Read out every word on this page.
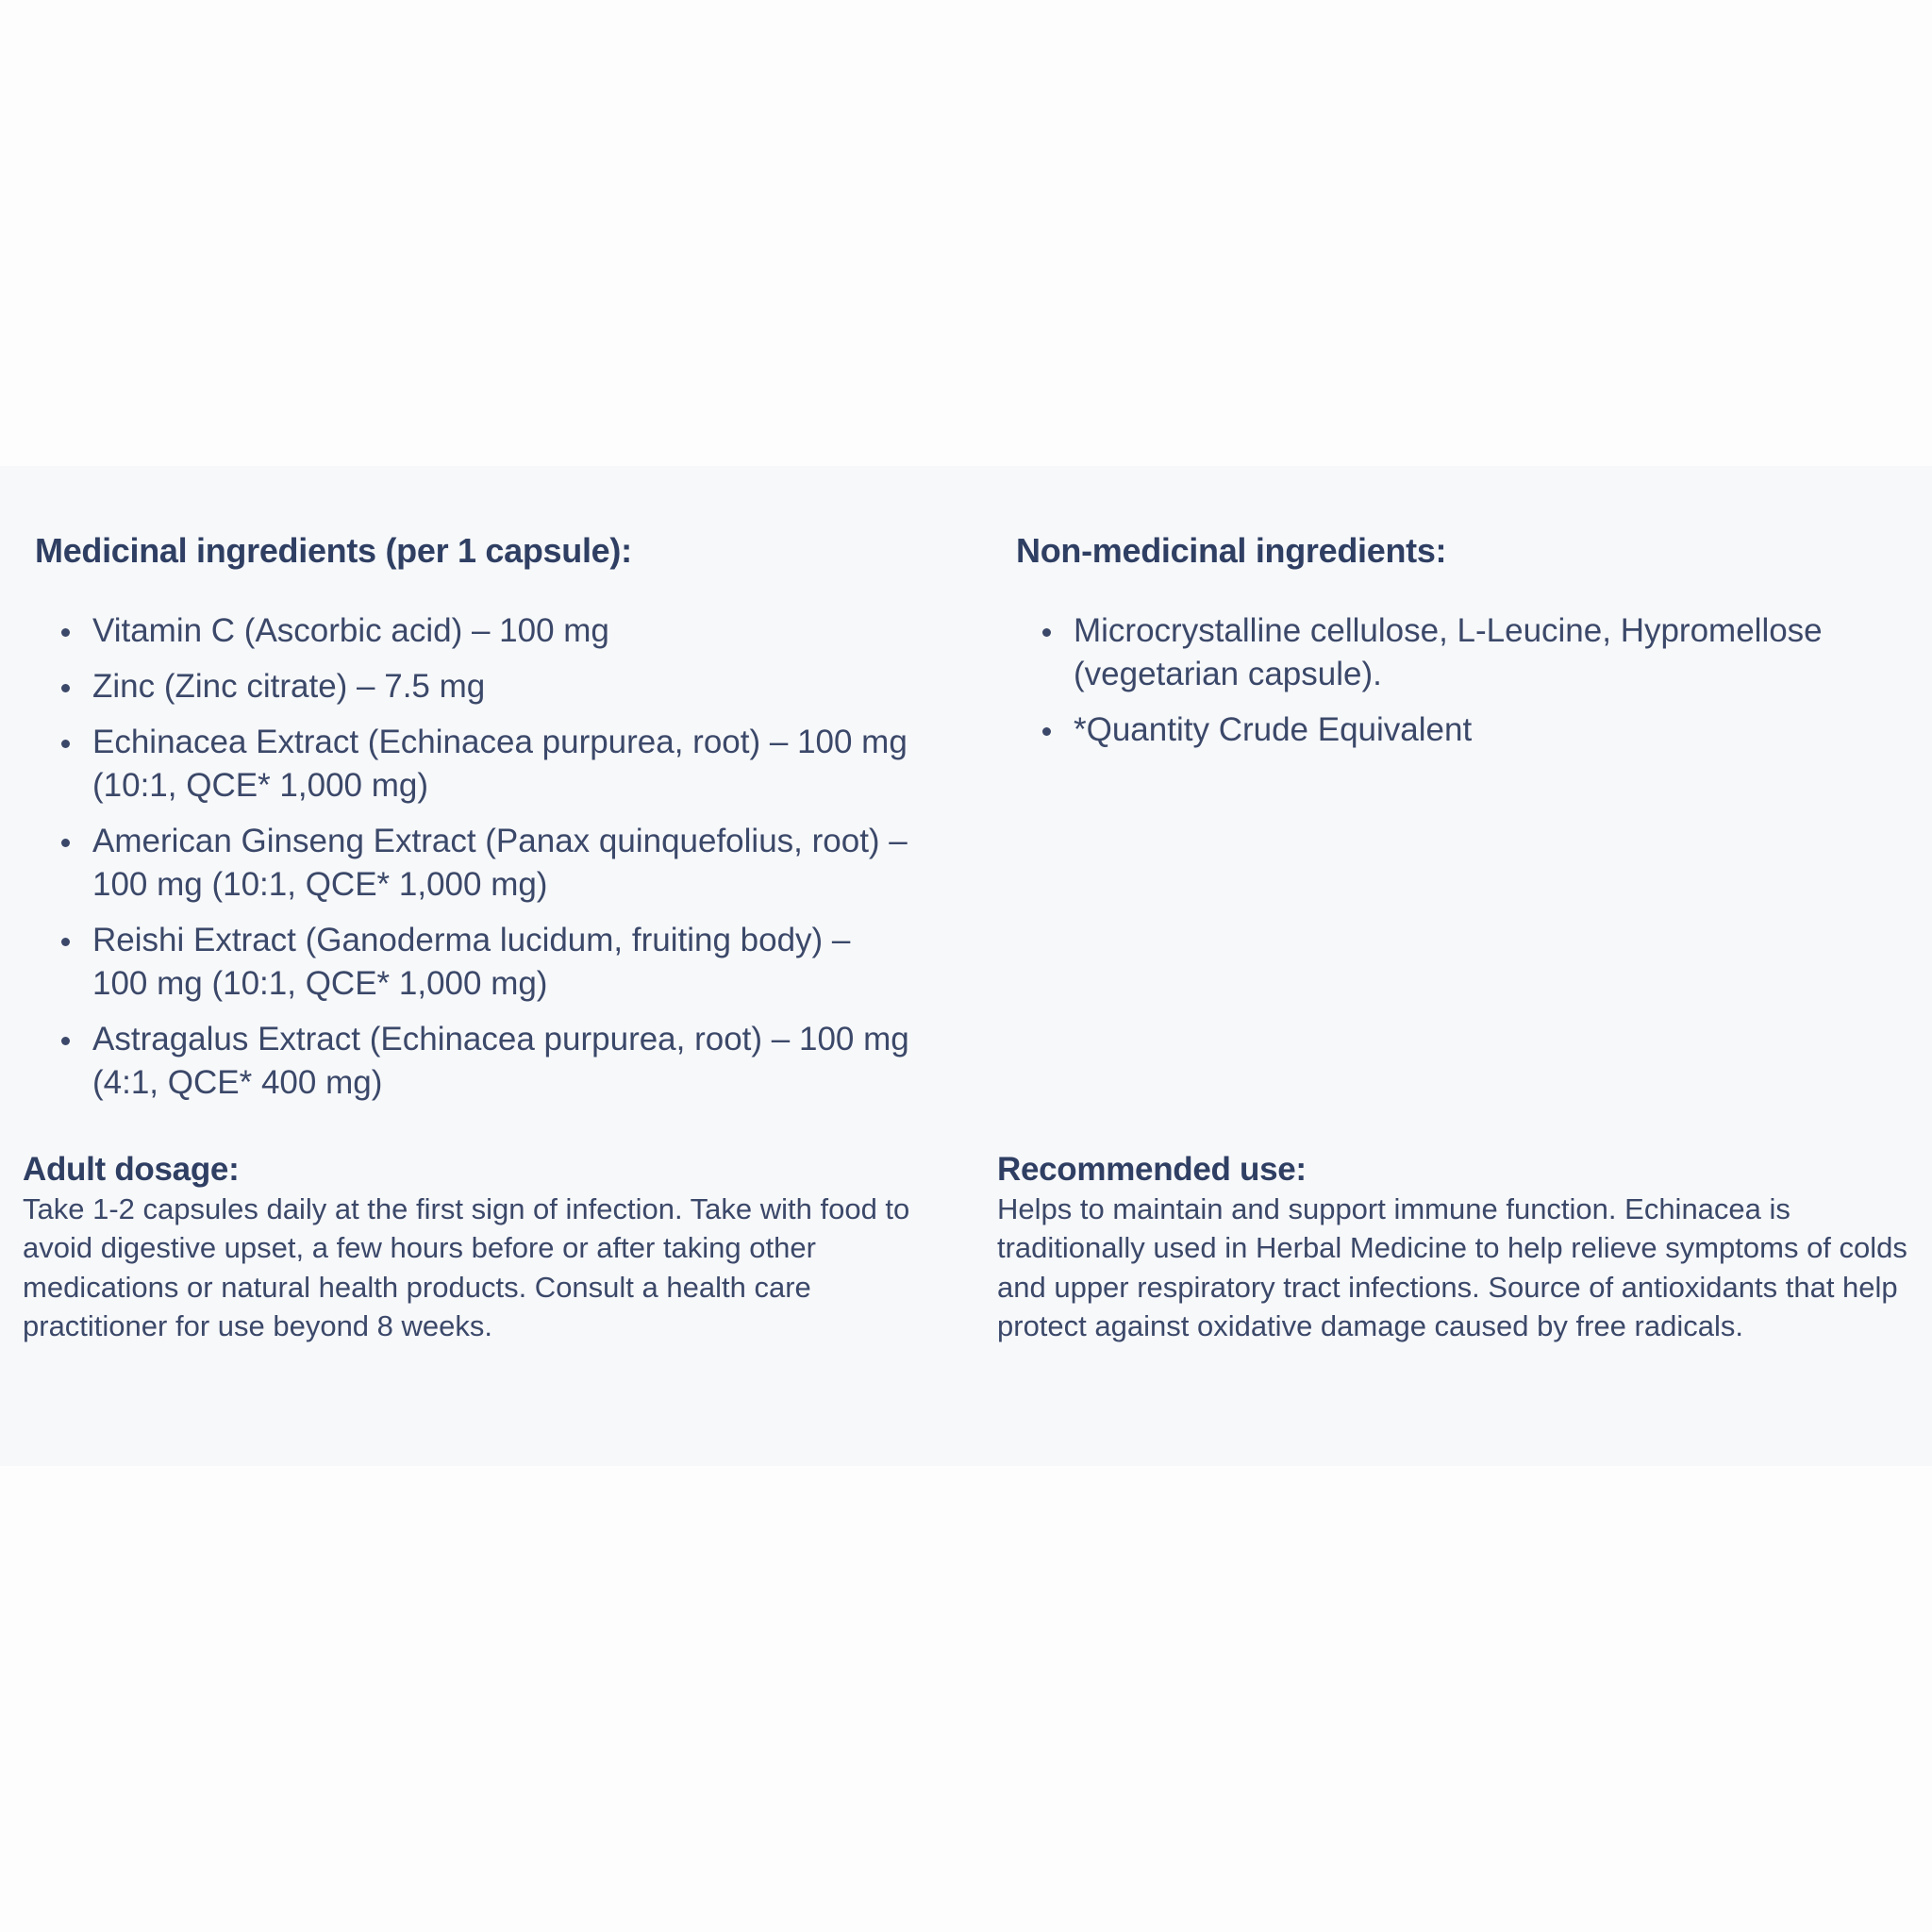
Medicinal ingredients (per 1 capsule):
Vitamin C (Ascorbic acid) – 100 mg
Zinc (Zinc citrate) – 7.5 mg
Echinacea Extract (Echinacea purpurea, root) – 100 mg (10:1, QCE* 1,000 mg)
American Ginseng Extract (Panax quinquefolius, root) – 100 mg (10:1, QCE* 1,000 mg)
Reishi Extract (Ganoderma lucidum, fruiting body) – 100 mg (10:1, QCE* 1,000 mg)
Astragalus Extract (Echinacea purpurea, root) – 100 mg (4:1, QCE* 400 mg)
Non-medicinal ingredients:
Microcrystalline cellulose, L-Leucine, Hypromellose (vegetarian capsule).
*Quantity Crude Equivalent
Adult dosage:

Take 1-2 capsules daily at the first sign of infection. Take with food to avoid digestive upset, a few hours before or after taking other medications or natural health products. Consult a health care practitioner for use beyond 8 weeks.

Recommended use:

Helps to maintain and support immune function. Echinacea is traditionally used in Herbal Medicine to help relieve symptoms of colds and upper respiratory tract infections. Source of antioxidants that help protect against oxidative damage caused by free radicals.
